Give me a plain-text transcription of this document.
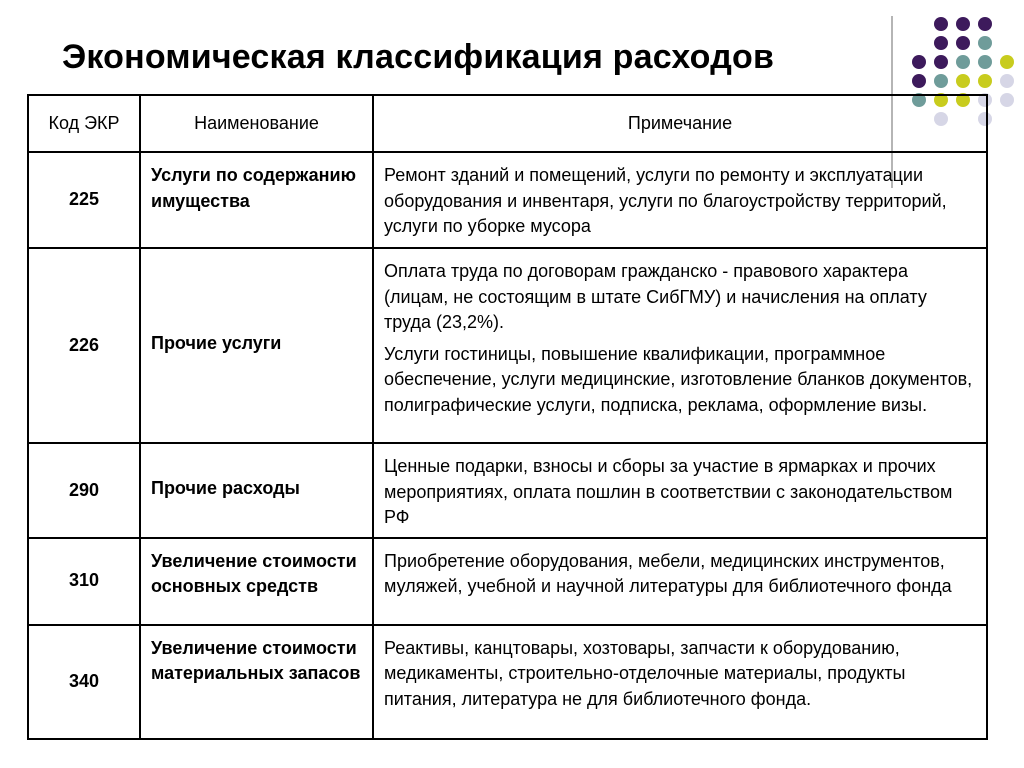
Экономическая классификация расходов
Код ЭКР	Наименование	Примечание
225	Услуги по содержанию имущества	Ремонт зданий и помещений, услуги по ремонту и эксплуатации оборудования и инвентаря, услуги по благоустройству территорий, услуги по уборке мусора

226	Прочие услуги	Оплата труда по договорам гражданско - правового характера (лицам, не состоящим в штате СибГМУ) и начисления на оплату труда (23,2%).
Услуги гостиницы, повышение квалификации, программное обеспечение, услуги медицинские, изготовление бланков документов, полиграфические услуги, подписка, реклама, оформление визы.

290	Прочие расходы	Ценные подарки, взносы и сборы за участие в ярмарках и прочих мероприятиях, оплата пошлин в соответствии с законодательством РФ

310	Увеличение стоимости основных средств	Приобретение оборудования, мебели, медицинских инструментов, муляжей, учебной и научной литературы для библиотечного фонда

340	Увеличение стоимости материальных запасов	Реактивы, канцтовары, хозтовары, запчасти к оборудованию, медикаменты, строительно-отделочные материалы, продукты питания, литература не для библиотечного фонда.
